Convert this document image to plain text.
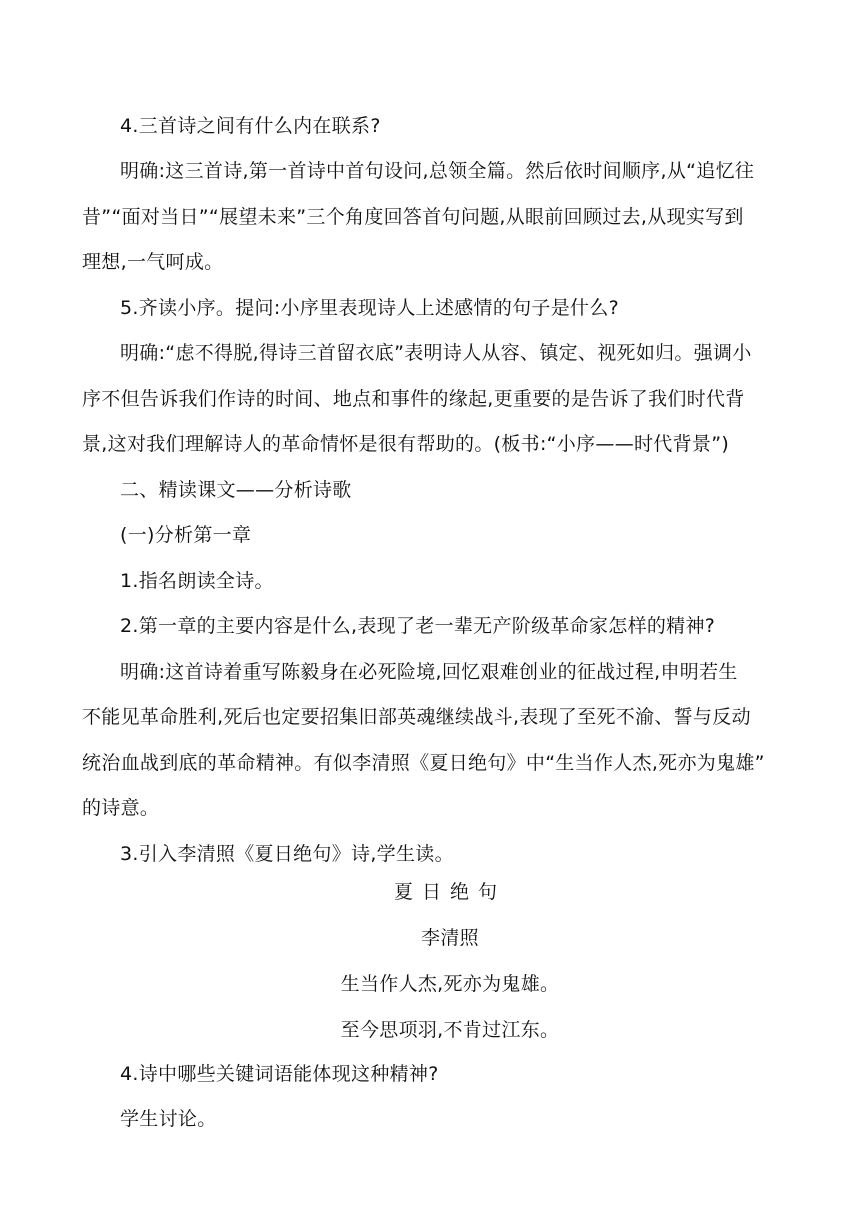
4.三首诗之间有什么内在联系?
明确:这三首诗,第一首诗中首句设问,总领全篇。然后依时间顺序,从“追忆往
昔”“面对当日”“展望未来”三个角度回答首句问题,从眼前回顾过去,从现实写到
理想,一气呵成。
5.齐读小序。提问:小序里表现诗人上述感情的句子是什么?
明确:“虑不得脱,得诗三首留衣底”表明诗人从容、镇定、视死如归。强调小
序不但告诉我们作诗的时间、地点和事件的缘起,更重要的是告诉了我们时代背
景,这对我们理解诗人的革命情怀是很有帮助的。(板书:“小序——时代背景”)
二、精读课文——分析诗歌
(一)分析第一章
1.指名朗读全诗。
2.第一章的主要内容是什么,表现了老一辈无产阶级革命家怎样的精神?
明确:这首诗着重写陈毅身在必死险境,回忆艰难创业的征战过程,申明若生
不能见革命胜利,死后也定要招集旧部英魂继续战斗,表现了至死不渝、誓与反动
统治血战到底的革命精神。有似李清照《夏日绝句》中“生当作人杰,死亦为鬼雄”
的诗意。
3.引入李清照《夏日绝句》诗,学生读。
夏日绝句
李清照
生当作人杰,死亦为鬼雄。
至今思项羽,不肯过江东。
4.诗中哪些关键词语能体现这种精神?
学生讨论。
